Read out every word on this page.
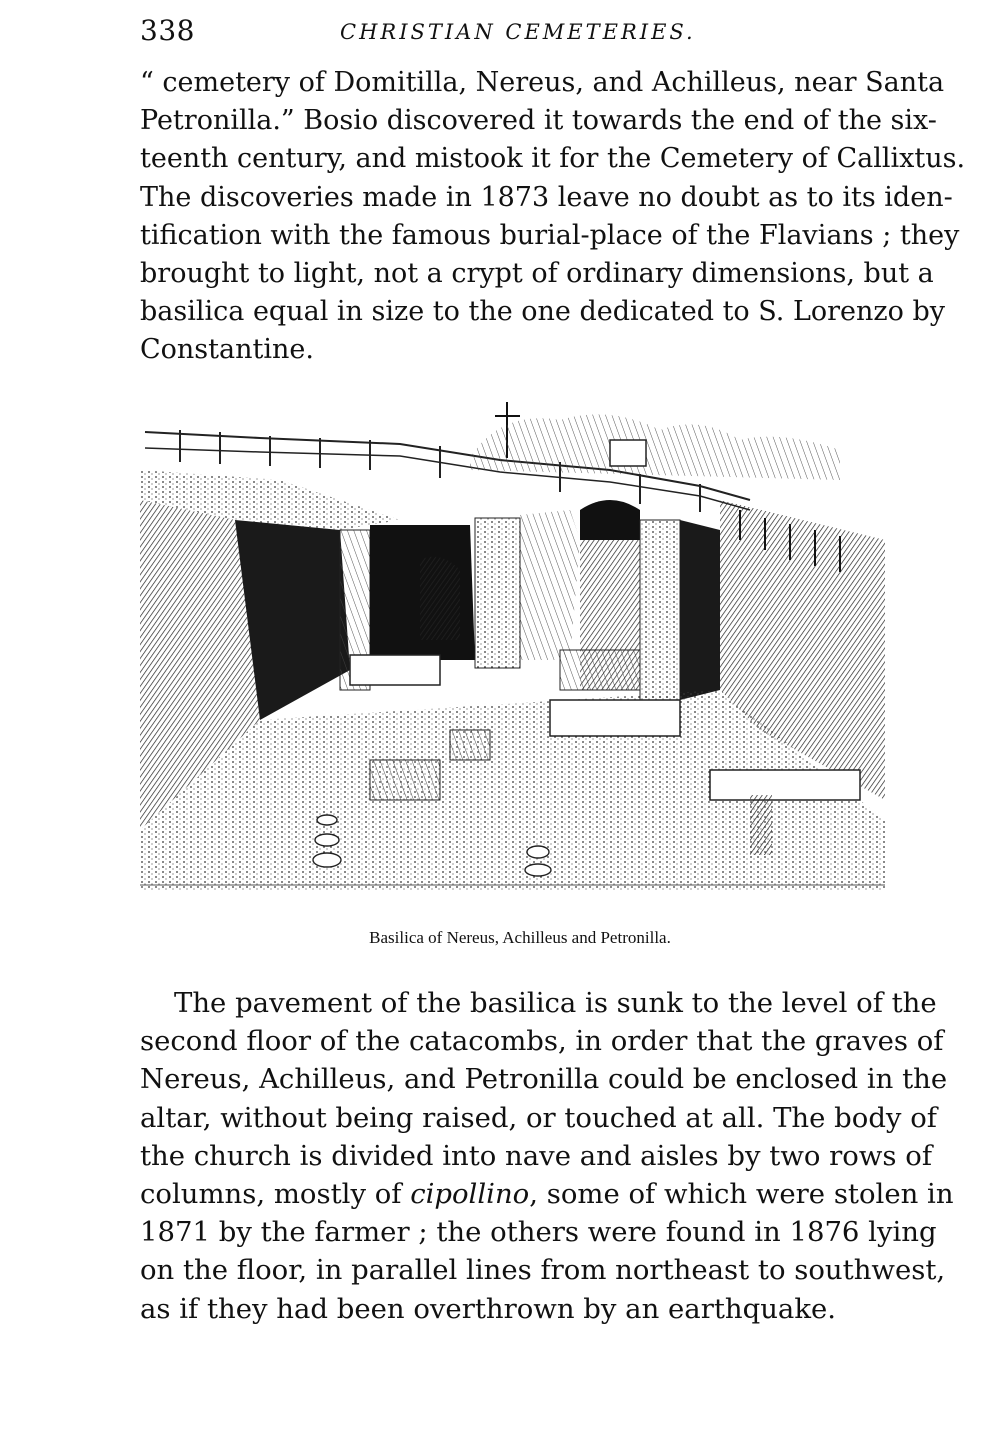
338	CHRISTIAN CEMETERIES.
“ cemetery of Domitilla, Nereus, and Achilleus, near Santa
Petronilla.” Bosio discovered it towards the end of the six-
teenth century, and mistook it for the Cemetery of Callixtus.
The discoveries made in 1873 leave no doubt as to its iden-
tification with the famous burial-place of the Flavians ; they
brought to light, not a crypt of ordinary dimensions, but a
basilica equal in size to the one dedicated to S. Lorenzo by
Constantine.
Basilica of Nereus, Achilleus and Petronilla.
The pavement of the basilica is sunk to the level of the
second floor of the catacombs, in order that the graves of
Nereus, Achilleus, and Petronilla could be enclosed in the
altar, without being raised, or touched at all. The body of
the church is divided into nave and aisles by two rows of
columns, mostly of cipollino, some of which were stolen in
1871 by the farmer ; the others were found in 1876 lying
on the floor, in parallel lines from northeast to southwest,
as if they had been overthrown by an earthquake.
